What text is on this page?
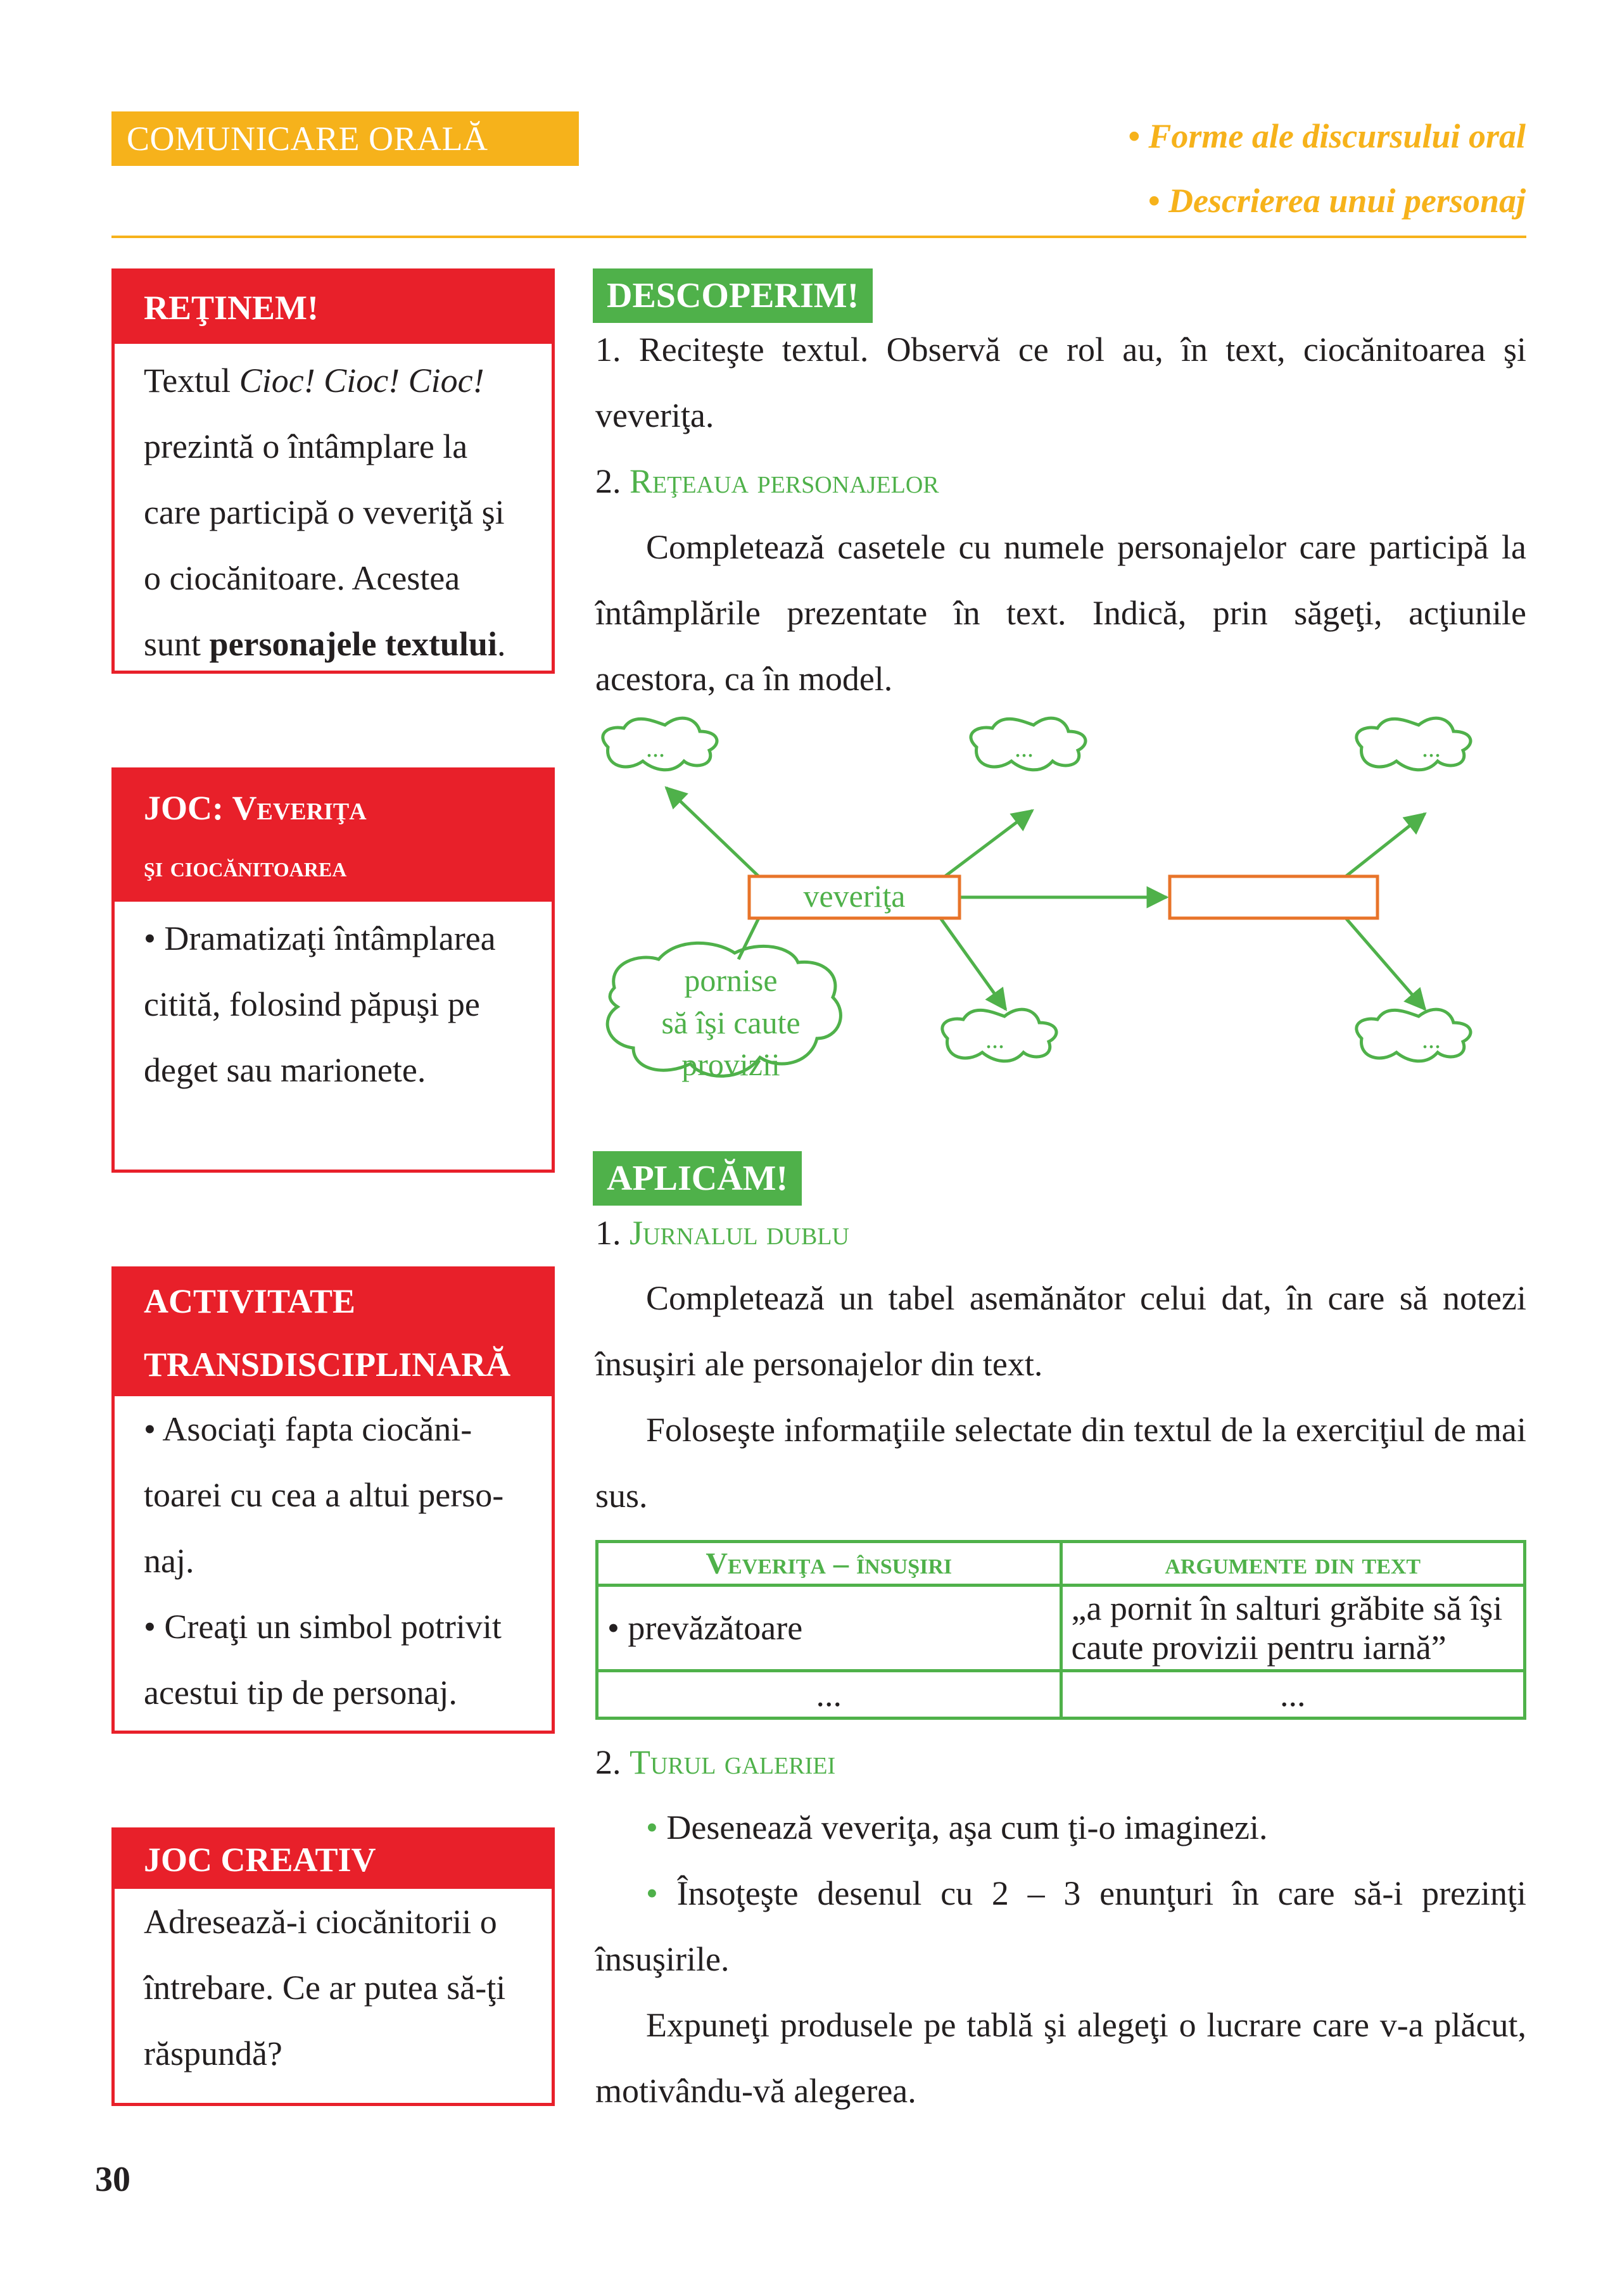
COMUNICARE ORALĂ	• Forme ale discursului oral
• Descrierea unui personaj
REŢINEM!
Textul Cioc! Cioc! Cioc! prezintă o întâmplare la care participă o veveriţă şi o ciocănitoare. Acestea sunt personajele textului.
JOC: Veveriţa
şi ciocănitoarea
• Dramatizaţi întâmplarea citită, folosind păpuşi pe deget sau marionete.
ACTIVITATE
TRANSDISCIPLINARĂ
• Asociaţi fapta ciocăni-toarei cu cea a altui perso-naj.
• Creaţi un simbol potrivit acestui tip de personaj.
JOC CREATIV
Adresează-i ciocănitorii o întrebare. Ce ar putea să-ţi răspundă?
DESCOPERIM!
1. Reciteşte textul. Observă ce rol au, în text, ciocănitoarea şi veveriţa.
2. Reţeaua personajelor
Completează casetele cu numele personajelor care participă la întâmplările prezentate în text. Indică, prin săgeţi, acţiunile acestora, ca în model.
veveriţa
...	...	...
...	...
pornise
să îşi caute
provizii
APLICĂM!
1. Jurnalul dublu
Completează un tabel asemănător celui dat, în care să notezi însuşiri ale personajelor din text.
Foloseşte informaţiile selectate din textul de la exerciţiul de mai sus.
Veveriţa – însuşiri	argumente din text
• prevăzătoare	„a pornit în salturi grăbite să îşi caute provizii pentru iarnă”
...	...
2. Turul galeriei
• Desenează veveriţa, aşa cum ţi-o imaginezi.
• Însoţeşte desenul cu 2 – 3 enunţuri în care să-i prezinţi însuşirile.
Expuneţi produsele pe tablă şi alegeţi o lucrare care v-a plăcut, motivându-vă alegerea.
30
